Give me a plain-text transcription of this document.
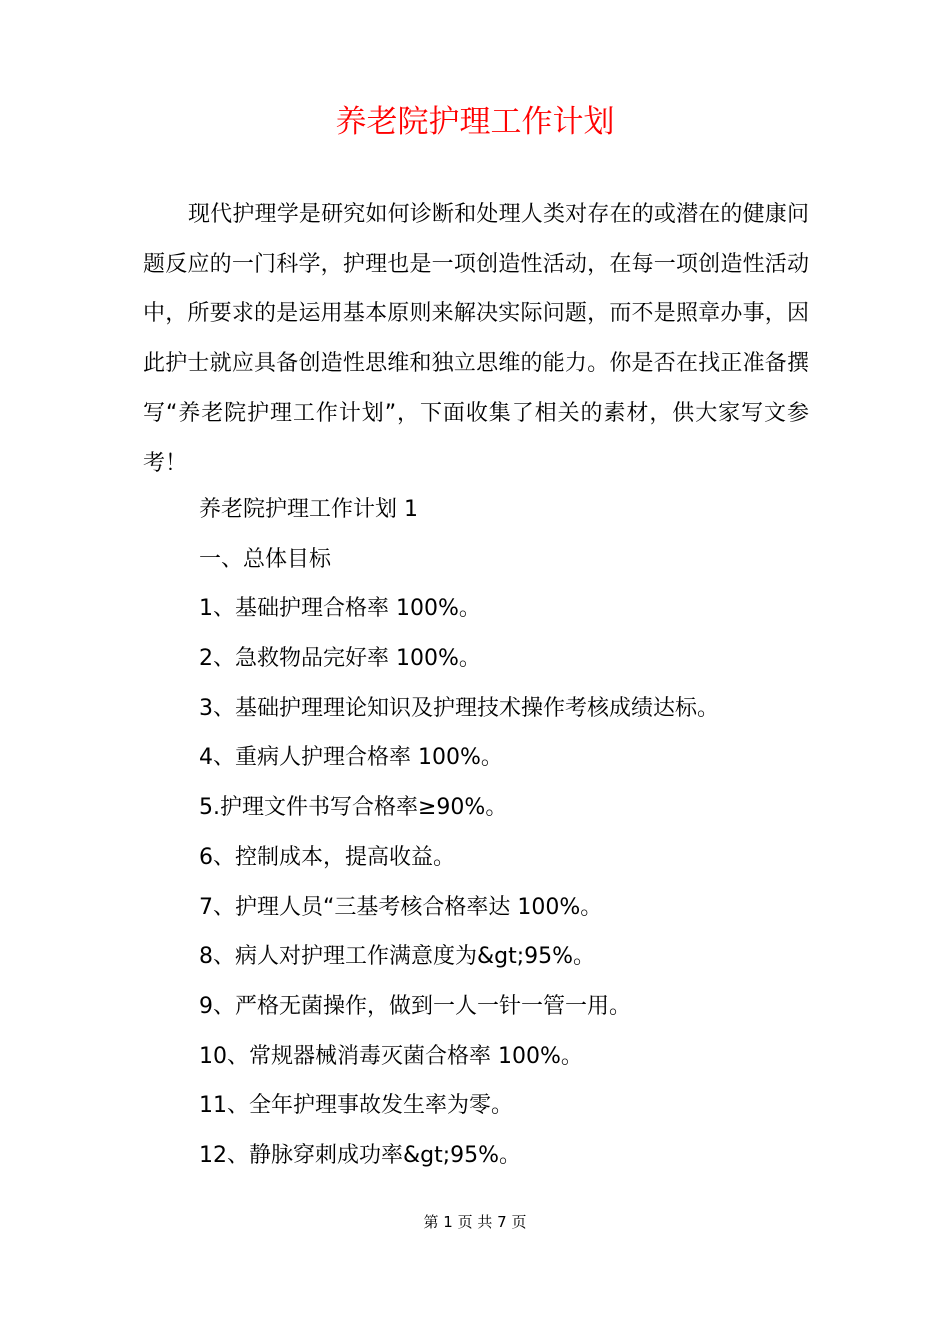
养老院护理工作计划

现代护理学是研究如何诊断和处理人类对存在的或潜在的健康问题反应的一门科学，护理也是一项创造性活动，在每一项创造性活动中，所要求的是运用基本原则来解决实际问题，而不是照章办事，因此护士就应具备创造性思维和独立思维的能力。你是否在找正准备撰写“养老院护理工作计划”，下面收集了相关的素材，供大家写文参考！

养老院护理工作计划 1
一、总体目标
1、基础护理合格率 100%。
2、急救物品完好率 100%。
3、基础护理理论知识及护理技术操作考核成绩达标。
4、重病人护理合格率 100%。
5.护理文件书写合格率≥90%。
6、控制成本，提高收益。
7、护理人员“三基考核合格率达 100%。
8、病人对护理工作满意度为&gt;95%。
9、严格无菌操作，做到一人一针一管一用。
10、常规器械消毒灭菌合格率 100%。
11、全年护理事故发生率为零。
12、静脉穿刺成功率&gt;95%。
第 1 页 共 7 页
